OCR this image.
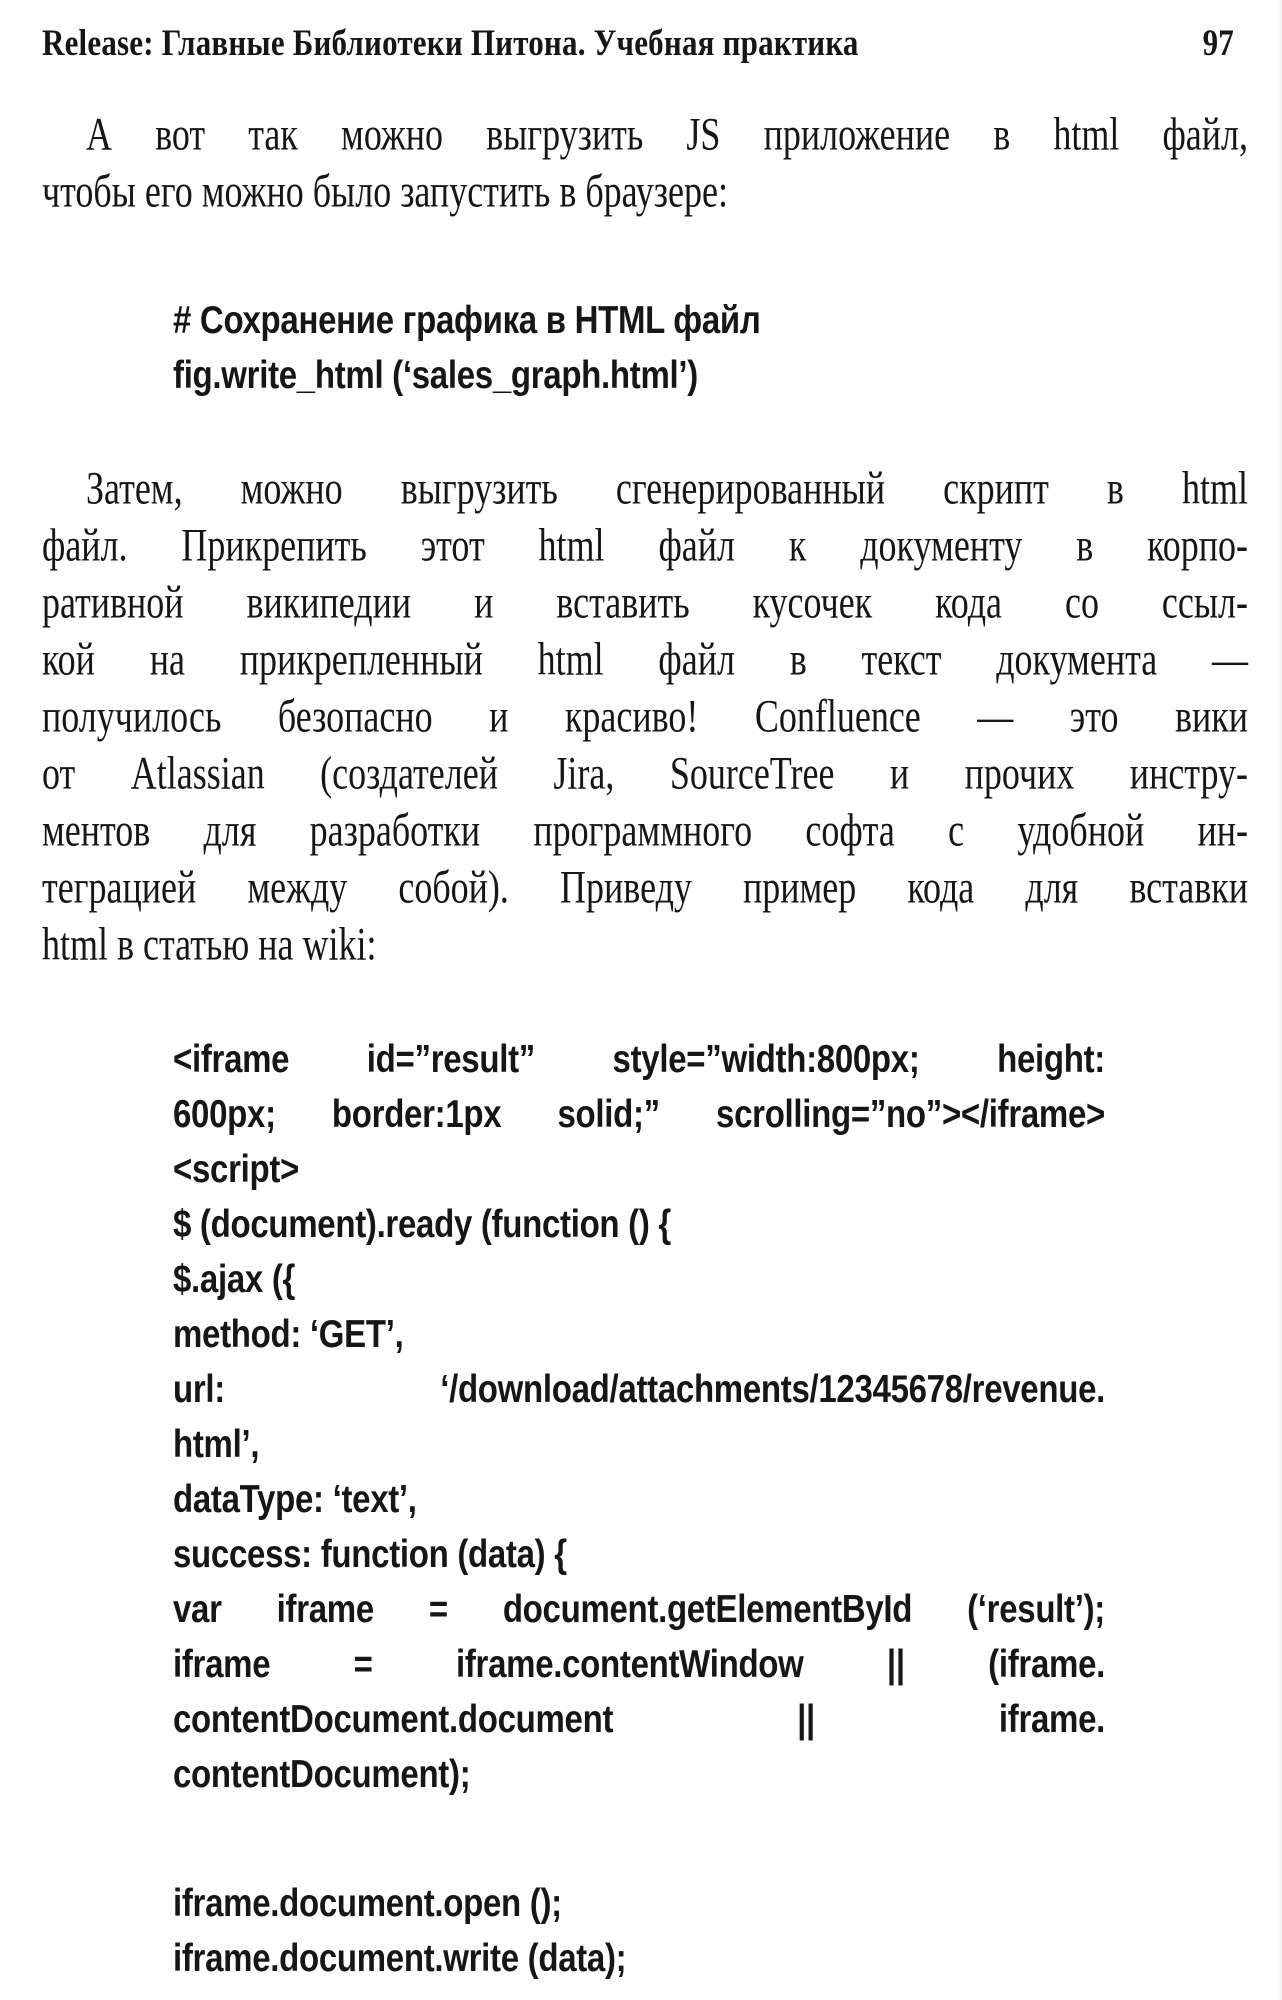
Release: Главные Библиотеки Питона. Учебная практика	97
А вот так можно выгрузить JS приложение в html файл,
чтобы его можно было запустить в браузере:
# Сохранение графика в HTML файл
fig.write_html (‘sales_graph.html’)
Затем, можно выгрузить сгенерированный скрипт в html
файл. Прикрепить этот html файл к документу в корпо-
ративной википедии и вставить кусочек кода со ссыл-
кой на прикрепленный html файл в текст документа —
получилось безопасно и красиво! Confluence — это вики
от Atlassian (создателей Jira, SourceTree и прочих инстру-
ментов для разработки программного софта с удобной ин-
теграцией между собой). Приведу пример кода для вставки
html в статью на wiki:
<iframe id=”result” style=”width:800px; height:
600px; border:1px solid;” scrolling=”no”></iframe>
<script>
$ (document).ready (function () {
$.ajax ({
method: ‘GET’,
url: ‘/download/attachments/12345678/revenue.
html’,
dataType: ‘text’,
success: function (data) {
var iframe = document.getElementById (‘result’);
iframe = iframe.contentWindow || (iframe.
contentDocument.document || iframe.
contentDocument);
iframe.document.open ();
iframe.document.write (data);
